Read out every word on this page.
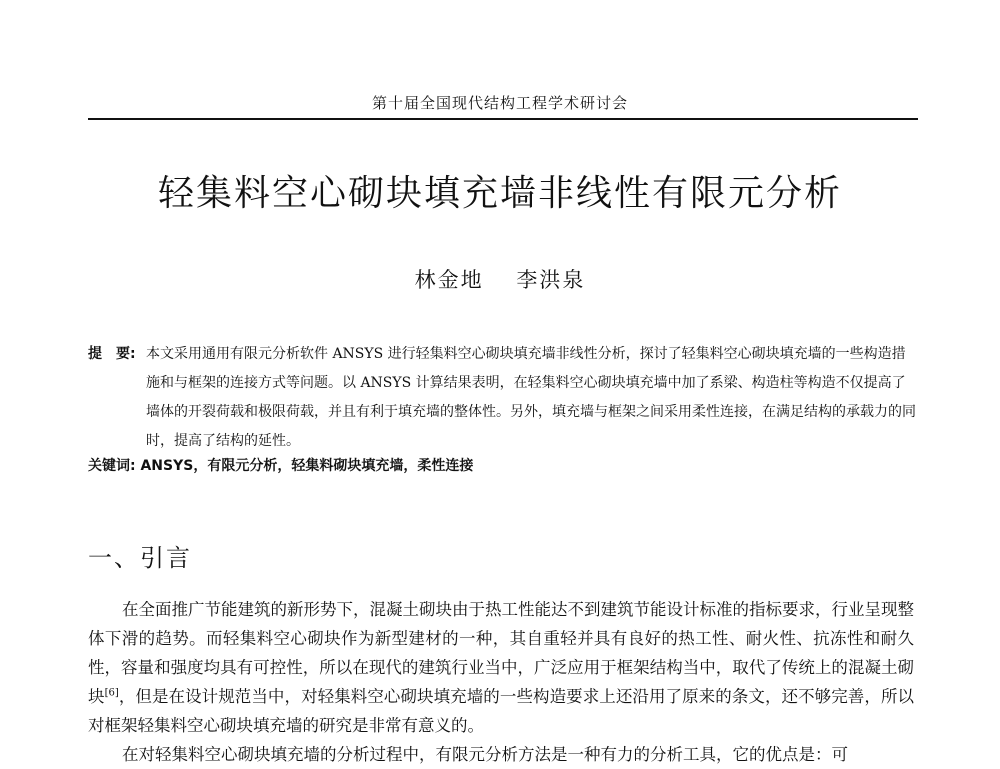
第十届全国现代结构工程学术研讨会
轻集料空心砌块填充墙非线性有限元分析
林金地 李洪泉
提　要: 本文采用通用有限元分析软件 ANSYS 进行轻集料空心砌块填充墙非线性分析，探讨了轻集料空心砌块填充墙的一些构造措施和与框架的连接方式等问题。以 ANSYS 计算结果表明，在轻集料空心砌块填充墙中加了系梁、构造柱等构造不仅提高了墙体的开裂荷载和极限荷载，并且有利于填充墙的整体性。另外，填充墙与框架之间采用柔性连接，在满足结构的承载力的同时，提高了结构的延性。
关键词: ANSYS，有限元分析，轻集料砌块填充墙，柔性连接
一、引言

在全面推广节能建筑的新形势下，混凝土砌块由于热工性能达不到建筑节能设计标准的指标要求，行业呈现整体下滑的趋势。而轻集料空心砌块作为新型建材的一种，其自重轻并具有良好的热工性、耐火性、抗冻性和耐久性，容量和强度均具有可控性，所以在现代的建筑行业当中，广泛应用于框架结构当中，取代了传统上的混凝土砌块[6]，但是在设计规范当中，对轻集料空心砌块填充墙的一些构造要求上还沿用了原来的条文，还不够完善，所以对框架轻集料空心砌块填充墙的研究是非常有意义的。

在对轻集料空心砌块填充墙的分析过程中，有限元分析方法是一种有力的分析工具，它的优点是：可
